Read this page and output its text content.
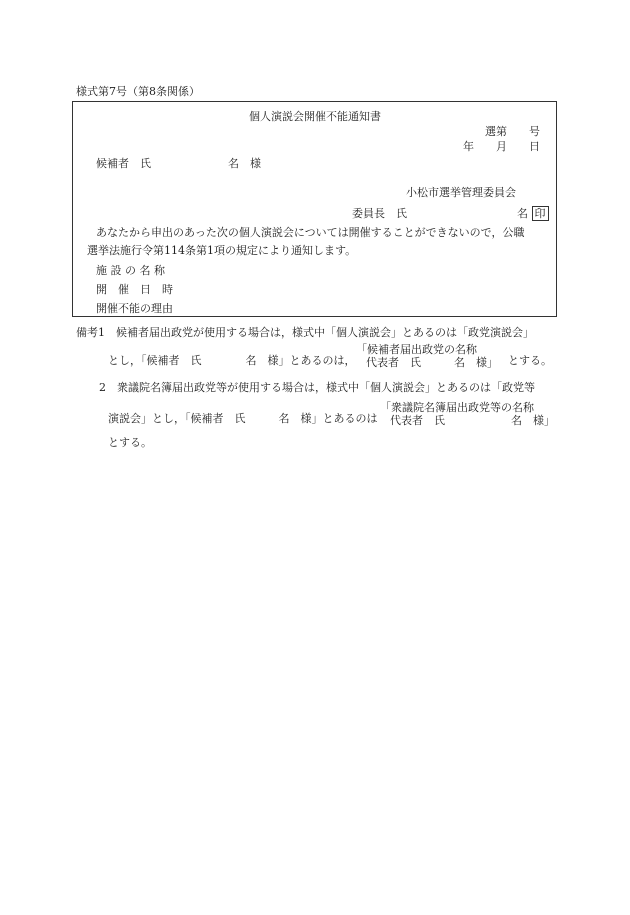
様式第7号（第8条関係）
個人演説会開催不能通知書
選第　　号
年　　月　　日
候補者　氏　　　　　　　名　様
小松市選挙管理委員会
委員長　氏　　　　　　　　　　名 印
あなたから申出のあった次の個人演説会については開催することができないので，公職
選挙法施行令第114条第1項の規定により通知します。
施 設 の 名 称
開　催　日　時
開催不能の理由
備考1　候補者届出政党が使用する場合は，様式中「個人演説会」とあるのは「政党演説会」
とし，「候補者　氏　　　　名　様」とあるのは，
「候補者届出政党の名称
代表者　氏　　　名　様」 とする。
2　衆議院名簿届出政党等が使用する場合は，様式中「個人演説会」とあるのは「政党等
演説会」とし，「候補者　氏　　　名　様」とあるのは
「衆議院名簿届出政党等の名称
代表者　氏　　　　　　名　様」
とする。
